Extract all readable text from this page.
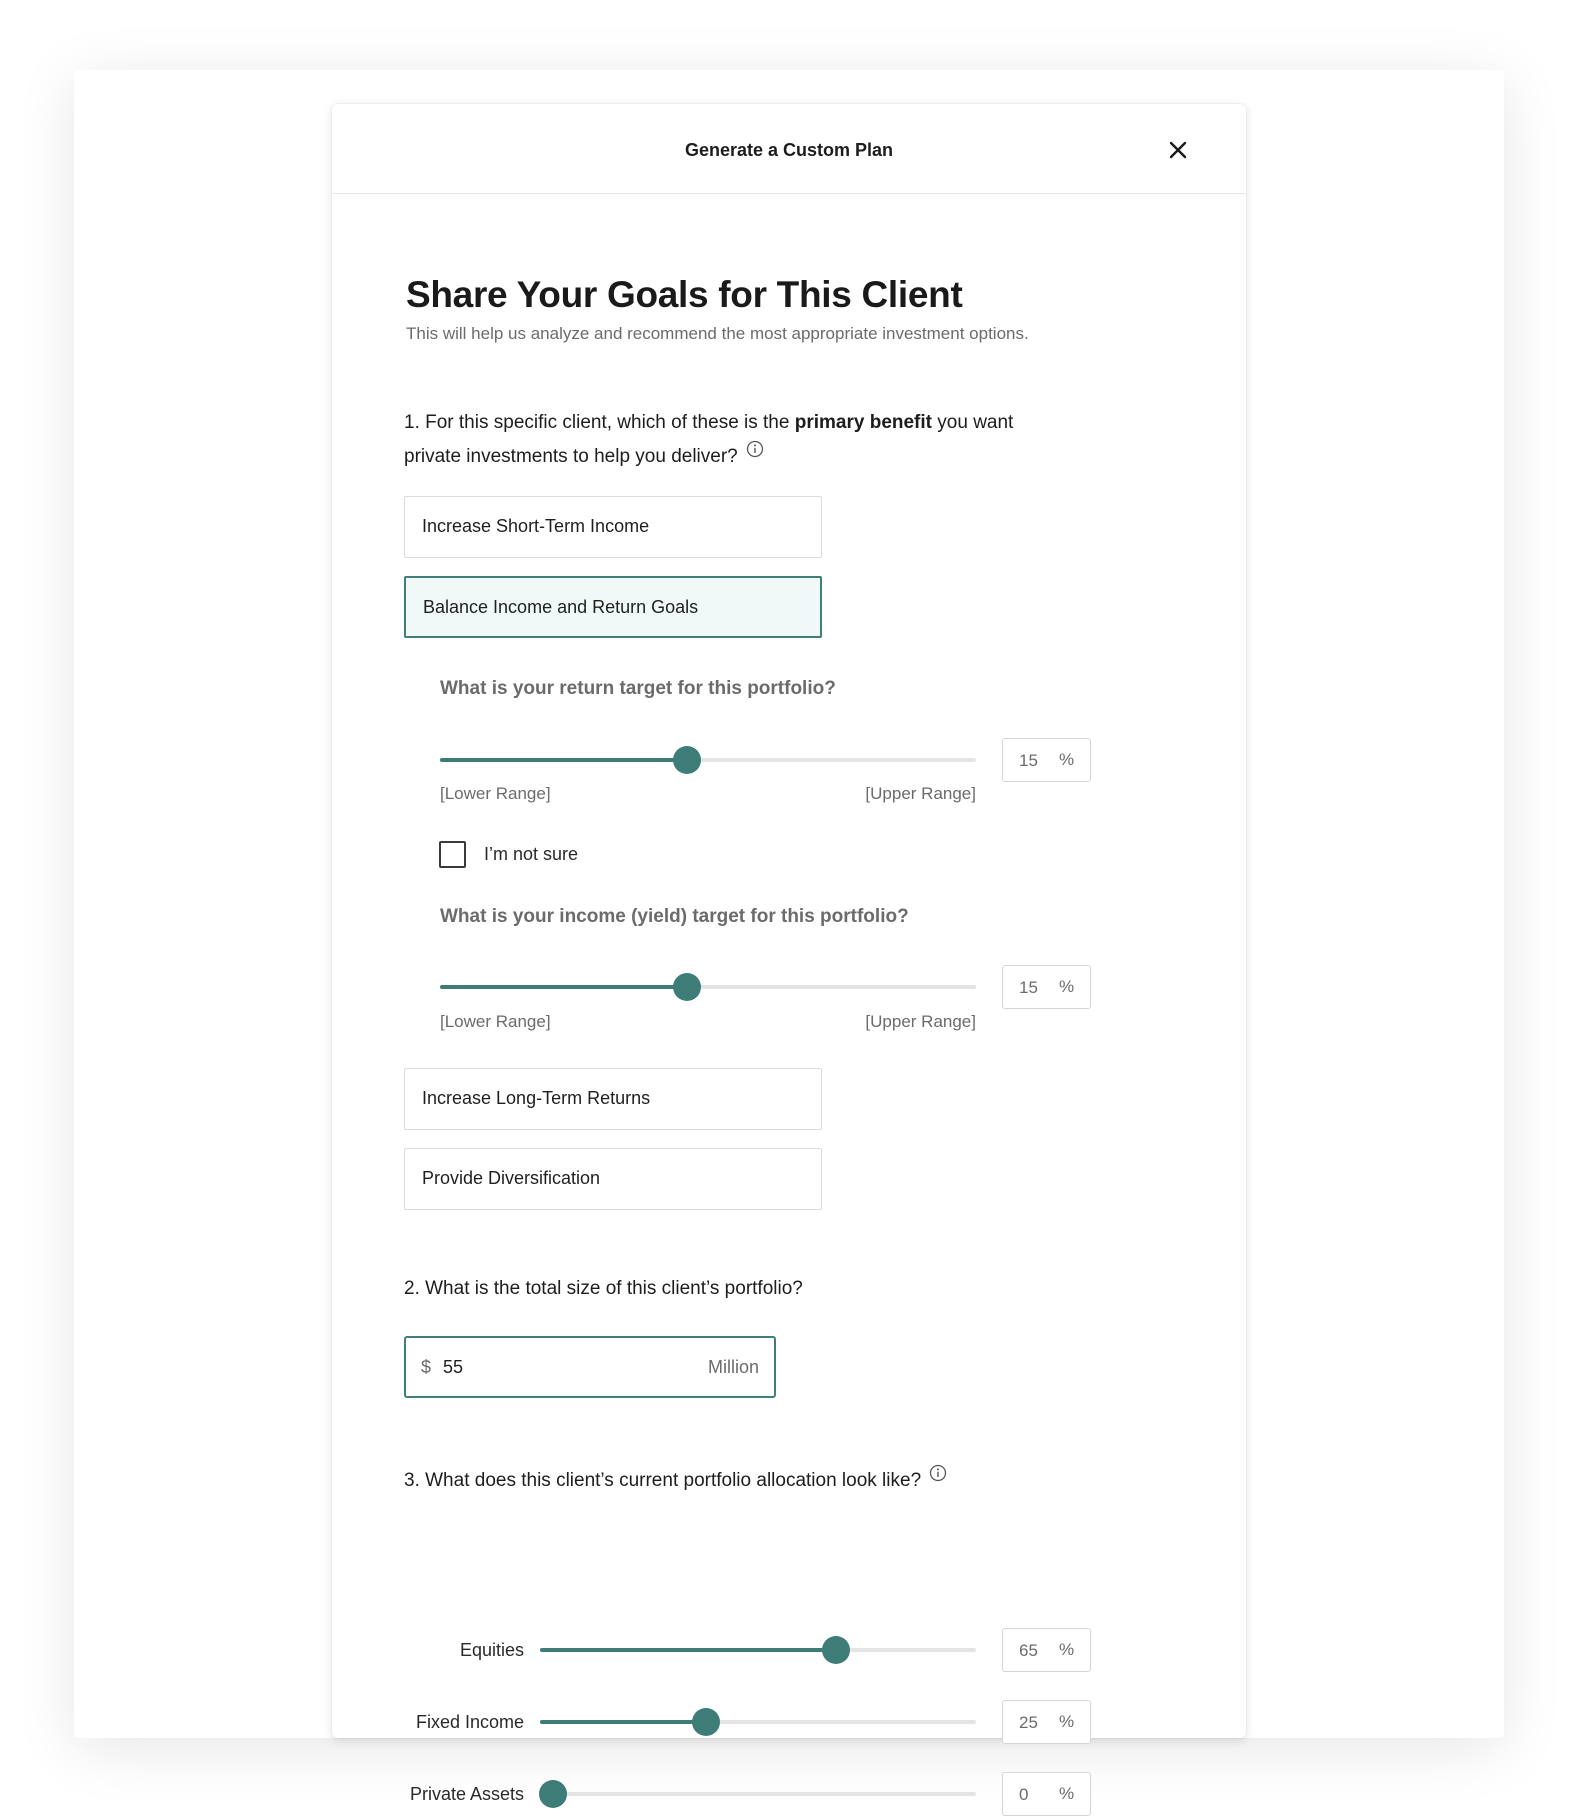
Generate a Custom Plan
Share Your Goals for This Client
This will help us analyze and recommend the most appropriate investment options.
1. For this specific client, which of these is the primary benefit you want
private investments to help you deliver?
Increase Short-Term Income
Balance Income and Return Goals
What is your return target for this portfolio?
15 %
[Lower Range]	[Upper Range]
I’m not sure
What is your income (yield) target for this portfolio?
15 %
[Lower Range]	[Upper Range]
Increase Long-Term Returns
Provide Diversification
2. What is the total size of this client’s portfolio?
$ 55	Million
3. What does this client’s current portfolio allocation look like?
Equities	65 %
Fixed Income	25 %
Private Assets	0 %
